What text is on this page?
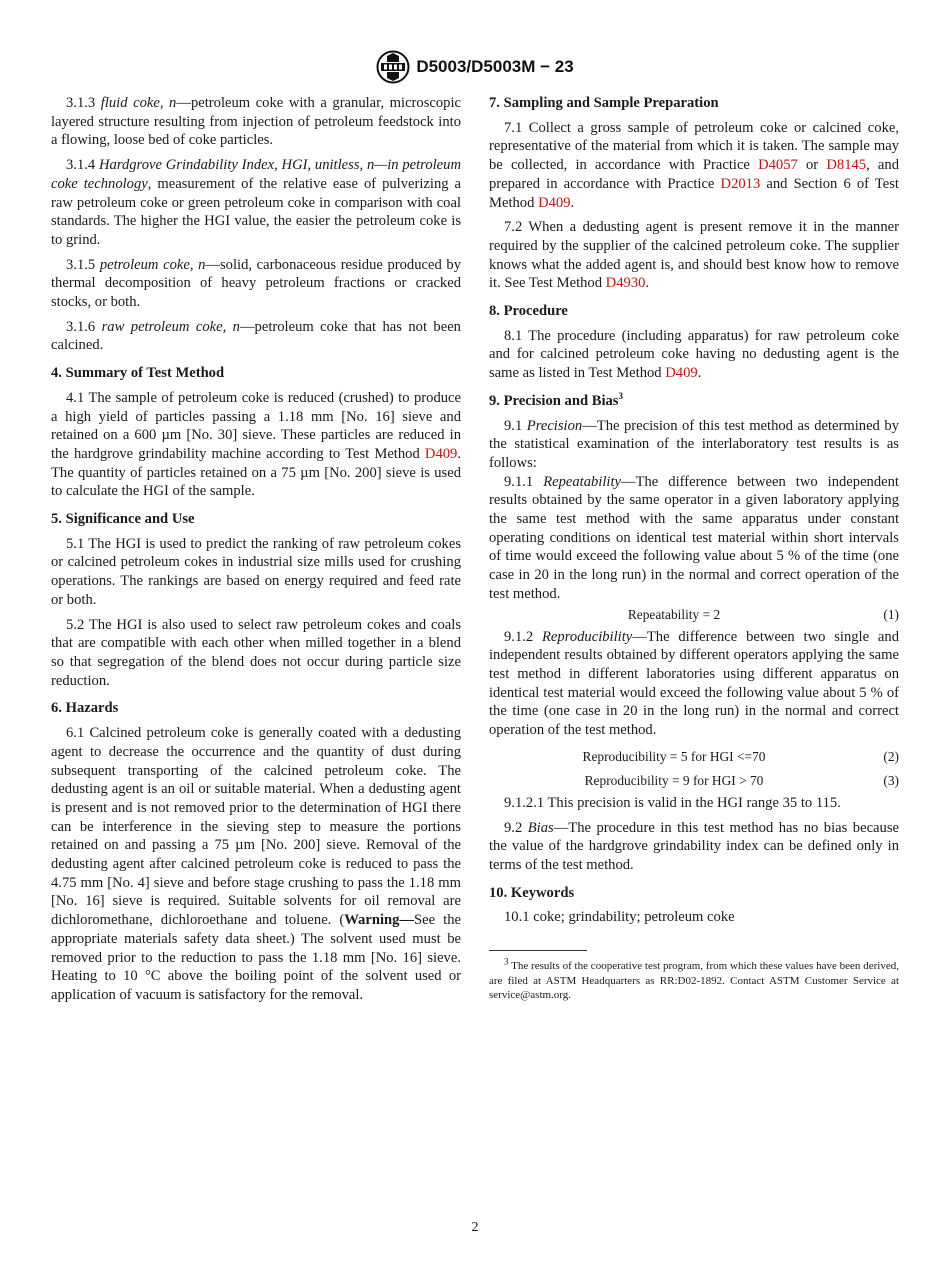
D5003/D5003M − 23

3.1.3 fluid coke, n—petroleum coke with a granular, microscopic layered structure resulting from injection of petroleum feedstock into a flowing, loose bed of coke particles.

3.1.4 Hardgrove Grindability Index, HGI, unitless, n—in petroleum coke technology, measurement of the relative ease of pulverizing a raw petroleum coke or green petroleum coke in comparison with coal standards. The higher the HGI value, the easier the petroleum coke is to grind.

3.1.5 petroleum coke, n—solid, carbonaceous residue produced by thermal decomposition of heavy petroleum fractions or cracked stocks, or both.

3.1.6 raw petroleum coke, n—petroleum coke that has not been calcined.

4. Summary of Test Method

4.1 The sample of petroleum coke is reduced (crushed) to produce a high yield of particles passing a 1.18 mm [No. 16] sieve and retained on a 600 µm [No. 30] sieve. These particles are reduced in the hardgrove grindability machine according to Test Method D409. The quantity of particles retained on a 75 µm [No. 200] sieve is used to calculate the HGI of the sample.

5. Significance and Use

5.1 The HGI is used to predict the ranking of raw petroleum cokes or calcined petroleum cokes in industrial size mills used for crushing operations. The rankings are based on energy required and feed rate or both.

5.2 The HGI is also used to select raw petroleum cokes and coals that are compatible with each other when milled together in a blend so that segregation of the blend does not occur during particle size reduction.

6. Hazards

6.1 Calcined petroleum coke is generally coated with a dedusting agent to decrease the occurrence and the quantity of dust during subsequent transporting of the calcined petroleum coke. The dedusting agent is an oil or suitable material. When a dedusting agent is present and is not removed prior to the determination of HGI there can be interference in the sieving step to measure the portions retained on and passing a 75 µm [No. 200] sieve. Removal of the dedusting agent after calcined petroleum coke is reduced to pass the 4.75 mm [No. 4] sieve and before stage crushing to pass the 1.18 mm [No. 16] sieve is required. Suitable solvents for oil removal are dichloromethane, dichloroethane and toluene. (Warning—See the appropriate materials safety data sheet.) The solvent used must be removed prior to the reduction to pass the 1.18 mm [No. 16] sieve. Heating to 10 °C above the boiling point of the solvent used or application of vacuum is satisfactory for the removal.

7. Sampling and Sample Preparation

7.1 Collect a gross sample of petroleum coke or calcined coke, representative of the material from which it is taken. The sample may be collected, in accordance with Practice D4057 or D8145, and prepared in accordance with Practice D2013 and Section 6 of Test Method D409.

7.2 When a dedusting agent is present remove it in the manner required by the supplier of the calcined petroleum coke. The supplier knows what the added agent is, and should best know how to remove it. See Test Method D4930.

8. Procedure

8.1 The procedure (including apparatus) for raw petroleum coke and for calcined petroleum coke having no dedusting agent is the same as listed in Test Method D409.

9. Precision and Bias$^3$

9.1 Precision—The precision of this test method as determined by the statistical examination of the interlaboratory test results is as follows:

9.1.1 Repeatability—The difference between two independent results obtained by the same operator in a given laboratory applying the same test method with the same apparatus under constant operating conditions on identical test material within short intervals of time would exceed the following value about 5 % of the time (one case in 20 in the long run) in the normal and correct operation of the test method.

Repeatability = 2	(1)

9.1.2 Reproducibility—The difference between two single and independent results obtained by different operators applying the same test method in different laboratories using different apparatus on identical test material would exceed the following value about 5 % of the time (one case in 20 in the long run) in the normal and correct operation of the test method.

Reproducibility = 5 for HGI <=70	(2)
Reproducibility = 9 for HGI > 70	(3)

9.1.2.1 This precision is valid in the HGI range 35 to 115.

9.2 Bias—The procedure in this test method has no bias because the value of the hardgrove grindability index can be defined only in terms of the test method.

10. Keywords

10.1 coke; grindability; petroleum coke

$^3$ The results of the cooperative test program, from which these values have been derived, are filed at ASTM Headquarters as RR:D02-1892. Contact ASTM Customer Service at service@astm.org.

2
